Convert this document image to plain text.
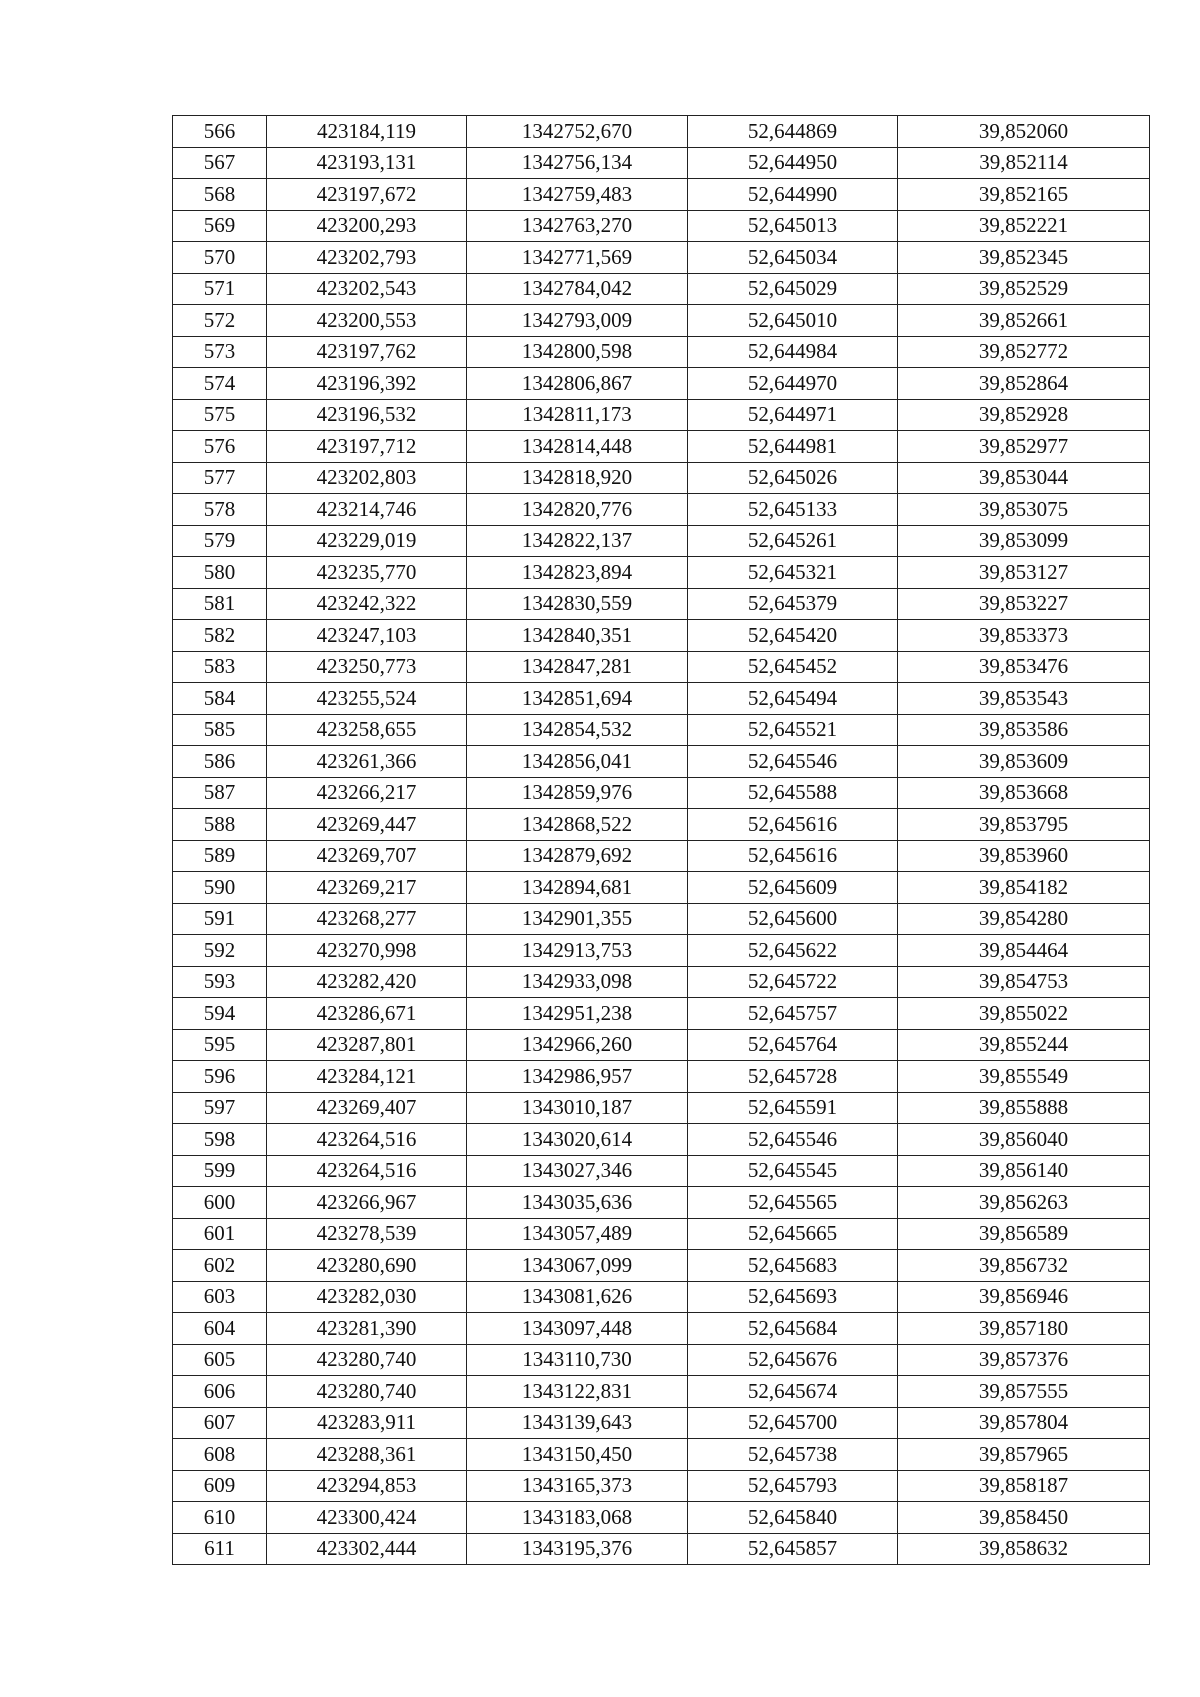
566	423184,119	1342752,670	52,644869	39,852060
567	423193,131	1342756,134	52,644950	39,852114
568	423197,672	1342759,483	52,644990	39,852165
569	423200,293	1342763,270	52,645013	39,852221
570	423202,793	1342771,569	52,645034	39,852345
571	423202,543	1342784,042	52,645029	39,852529
572	423200,553	1342793,009	52,645010	39,852661
573	423197,762	1342800,598	52,644984	39,852772
574	423196,392	1342806,867	52,644970	39,852864
575	423196,532	1342811,173	52,644971	39,852928
576	423197,712	1342814,448	52,644981	39,852977
577	423202,803	1342818,920	52,645026	39,853044
578	423214,746	1342820,776	52,645133	39,853075
579	423229,019	1342822,137	52,645261	39,853099
580	423235,770	1342823,894	52,645321	39,853127
581	423242,322	1342830,559	52,645379	39,853227
582	423247,103	1342840,351	52,645420	39,853373
583	423250,773	1342847,281	52,645452	39,853476
584	423255,524	1342851,694	52,645494	39,853543
585	423258,655	1342854,532	52,645521	39,853586
586	423261,366	1342856,041	52,645546	39,853609
587	423266,217	1342859,976	52,645588	39,853668
588	423269,447	1342868,522	52,645616	39,853795
589	423269,707	1342879,692	52,645616	39,853960
590	423269,217	1342894,681	52,645609	39,854182
591	423268,277	1342901,355	52,645600	39,854280
592	423270,998	1342913,753	52,645622	39,854464
593	423282,420	1342933,098	52,645722	39,854753
594	423286,671	1342951,238	52,645757	39,855022
595	423287,801	1342966,260	52,645764	39,855244
596	423284,121	1342986,957	52,645728	39,855549
597	423269,407	1343010,187	52,645591	39,855888
598	423264,516	1343020,614	52,645546	39,856040
599	423264,516	1343027,346	52,645545	39,856140
600	423266,967	1343035,636	52,645565	39,856263
601	423278,539	1343057,489	52,645665	39,856589
602	423280,690	1343067,099	52,645683	39,856732
603	423282,030	1343081,626	52,645693	39,856946
604	423281,390	1343097,448	52,645684	39,857180
605	423280,740	1343110,730	52,645676	39,857376
606	423280,740	1343122,831	52,645674	39,857555
607	423283,911	1343139,643	52,645700	39,857804
608	423288,361	1343150,450	52,645738	39,857965
609	423294,853	1343165,373	52,645793	39,858187
610	423300,424	1343183,068	52,645840	39,858450
611	423302,444	1343195,376	52,645857	39,858632
